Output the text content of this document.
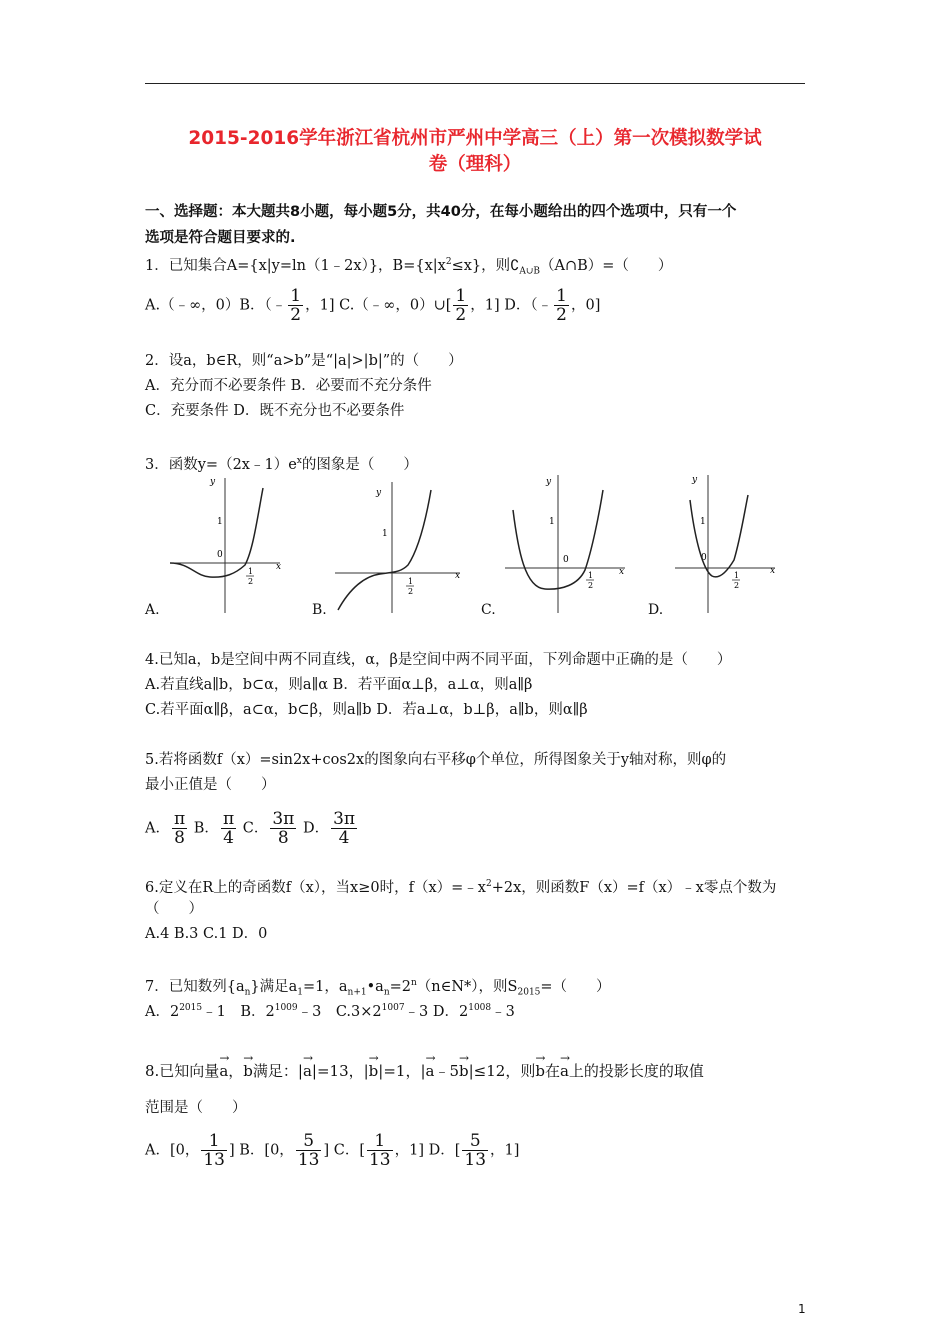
2015-2016学年浙江省杭州市严州中学高三（上）第一次模拟数学试
卷（理科）
一、选择题：本大题共8小题，每小题5分，共40分，在每小题给出的四个选项中，只有一个
选项是符合题目要求的.
1．已知集合A={x|y=ln（1﹣2x）}，$B=\{x|x^2\le x\}$，则$∁_{A\cup B}(A\cap B)=$（　　）
A.（﹣∞，0）B．（﹣ $\frac{1}{2}$ ，1] C.（﹣∞，0）∪[ $\frac{1}{2}$ ，1] D．（﹣ $\frac{1}{2}$ ，0]
2．设a，b∈R，则“a>b”是“|a|>|b|”的（　　）
A．充分而不必要条件 B．必要而不充分条件
C．充要条件 D．既不充分也不必要条件
3．函数$y=(2x﹣1)e^x$的图象是（　　）
x
y
1
0
1
2
x
y
1
1
2
x
y
1
0
1
2
x
y
1
0
1
2
A.	B.	C.	D.
4.已知a，b是空间中两不同直线，α，β是空间中两不同平面，下列命题中正确的是（　　）
A.若直线a∥b，b⊂α，则a∥α B．若平面α⊥β，a⊥α，则a∥β
C.若平面α∥β，a⊂α，b⊂β，则a∥b D．若a⊥α，b⊥β，a∥b，则α∥β
5.若将函数f（x）=sin2x+cos2x的图象向右平移φ个单位，所得图象关于y轴对称，则φ的
最小正值是（　　）
A． $\frac{\pi}{8}$ B． $\frac{\pi}{4}$ C． $\frac{3\pi}{8}$ D． $\frac{3\pi}{4}$
6.定义在R上的奇函数f（x），当x≥0时，$f(x)=﹣x^2+2x$，则函数F（x）=f（x）﹣x零点个数为
（　　）
A.4 B.3 C.1 D．0
7．已知数列$\{a_n\}$满足$a_1=1$，$a_{n+1}•a_n=2^n(n\in N*)$，则$S_{2015}=$（　　）
A．$2^{2015}﹣1$　B．$2^{1009}﹣3$　$C.3\times 2^{1007}﹣3$ D．$2^{1008}﹣3$
8.已知向量→ a，→ b满足：|→ a|=13，|→ b|=1，|→ a﹣5→ b|≤12，则→ b在→ a上的投影长度的取值
范围是（　　）
A．[0， $\frac{1}{13}$ ] B．[0， $\frac{5}{13}$ ] C．[ $\frac{1}{13}$ ，1] D．[ $\frac{5}{13}$ ，1]
1
